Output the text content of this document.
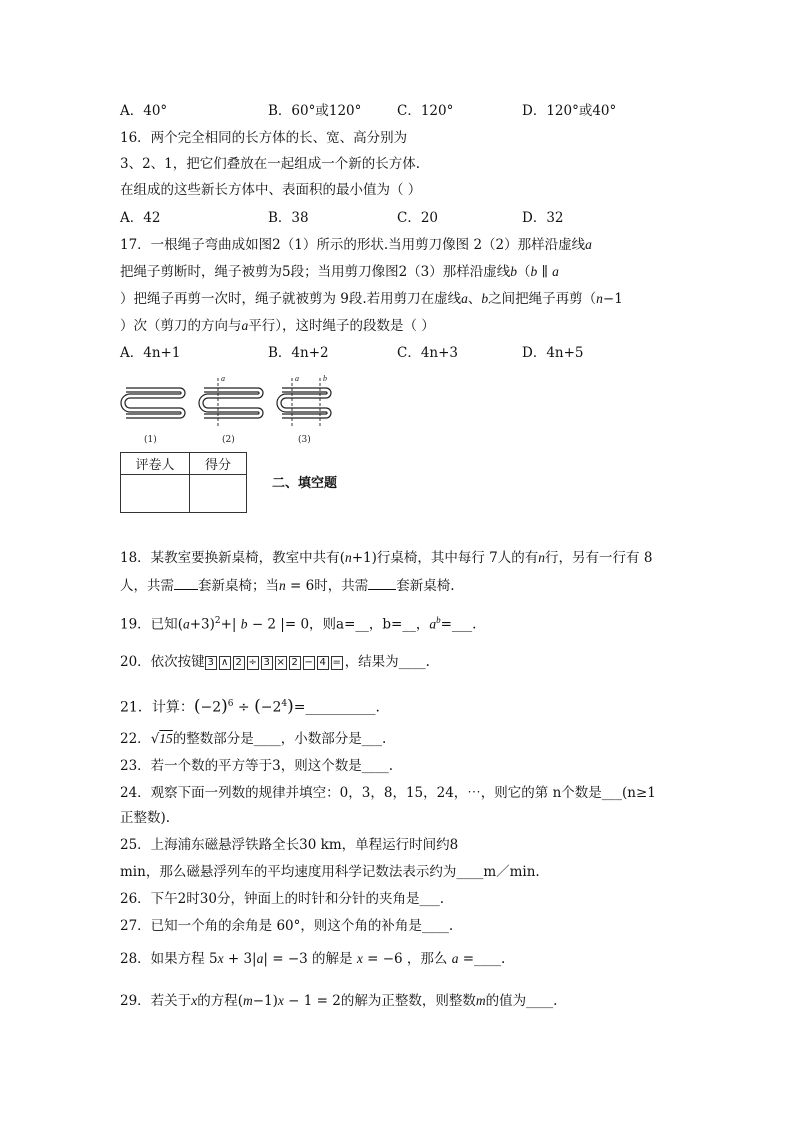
A．40°	B．60°或120°	C．120°	D．120°或40°
16．两个完全相同的长方体的长、宽、高分别为
3、2、1，把它们叠放在一起组成一个新的长方体.
在组成的这些新长方体中、表面积的最小值为（ ）
A．42	B．38	C．20	D．32
17．一根绳子弯曲成如图2（1）所示的形状.当用剪刀像图 2（2）那样沿虚线a
把绳子剪断时，绳子被剪为5段；当用剪刀像图2（3）那样沿虚线b（b ∥ a
）把绳子再剪一次时，绳子就被剪为 9段.若用剪刀在虚线a、b之间把绳子再剪（n−1
）次（剪刀的方向与a平行），这时绳子的段数是（ ）
A．4n+1	B．4n+2	C．4n+3	D．4n+5
a	a	b
(1)	(2)	(3)
评卷人	得分

二、填空题
18．某教室要换新桌椅，教室中共有(n+1)行桌椅，其中每行 7人的有n行，另有一行有 8
人，共需 套新桌椅；当n = 6时，共需 套新桌椅.
19．已知$(a+3)^2+|$ b − 2 |= 0，则a=__，b=__，$a^b=\_\_\_$.
20．依次按键 3 ∧ 2 ÷ 3 × 2 − 4 = ，结果为____.
21．计算：$(-2)^6$ ÷ $(-2^4)=\_\_\_\_\_\_\_\_\_\_$.
22．√15的整数部分是____，小数部分是___.
23．若一个数的平方等于3，则这个数是____.
24．观察下面一列数的规律并填空：0，3，8，15，24，⋯，则它的第 n个数是___(n≥1
正整数).
25．上海浦东磁悬浮铁路全长30 km，单程运行时间约8
min，那么磁悬浮列车的平均速度用科学记数法表示约为____m／min.
26．下午2时30分，钟面上的时针和分针的夹角是___.
27．已知一个角的余角是 60°，则这个角的补角是____.
28．如果方程 5x + 3|a| = −3 的解是 x = −6 ，那么 a =____.
29．若关于x的方程(m−1)x − 1 = 2的解为正整数，则整数m的值为____.
